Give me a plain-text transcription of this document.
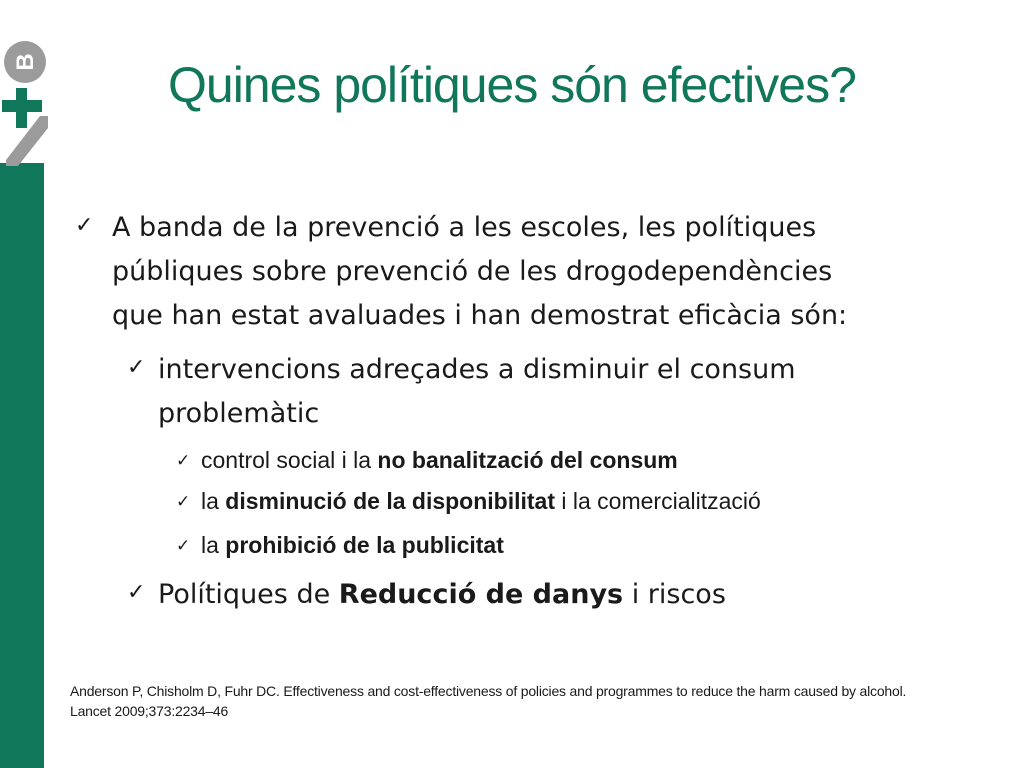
B	Quines polítiques són efectives?
✓ A banda de la prevenció a les escoles, les polítiques
públiques sobre prevenció de les drogodependències
que han estat avaluades i han demostrat eficàcia són:
✓ intervencions adreçades a disminuir el consum
problemàtic
✓ control social i la no banalització del consum
✓ la disminució de la disponibilitat i la comercialització
✓ la prohibició de la publicitat
✓ Polítiques de Reducció de danys i riscos
Anderson P, Chisholm D, Fuhr DC. Effectiveness and cost-effectiveness of policies and programmes to reduce the harm caused by alcohol.
Lancet 2009;373:2234–46
